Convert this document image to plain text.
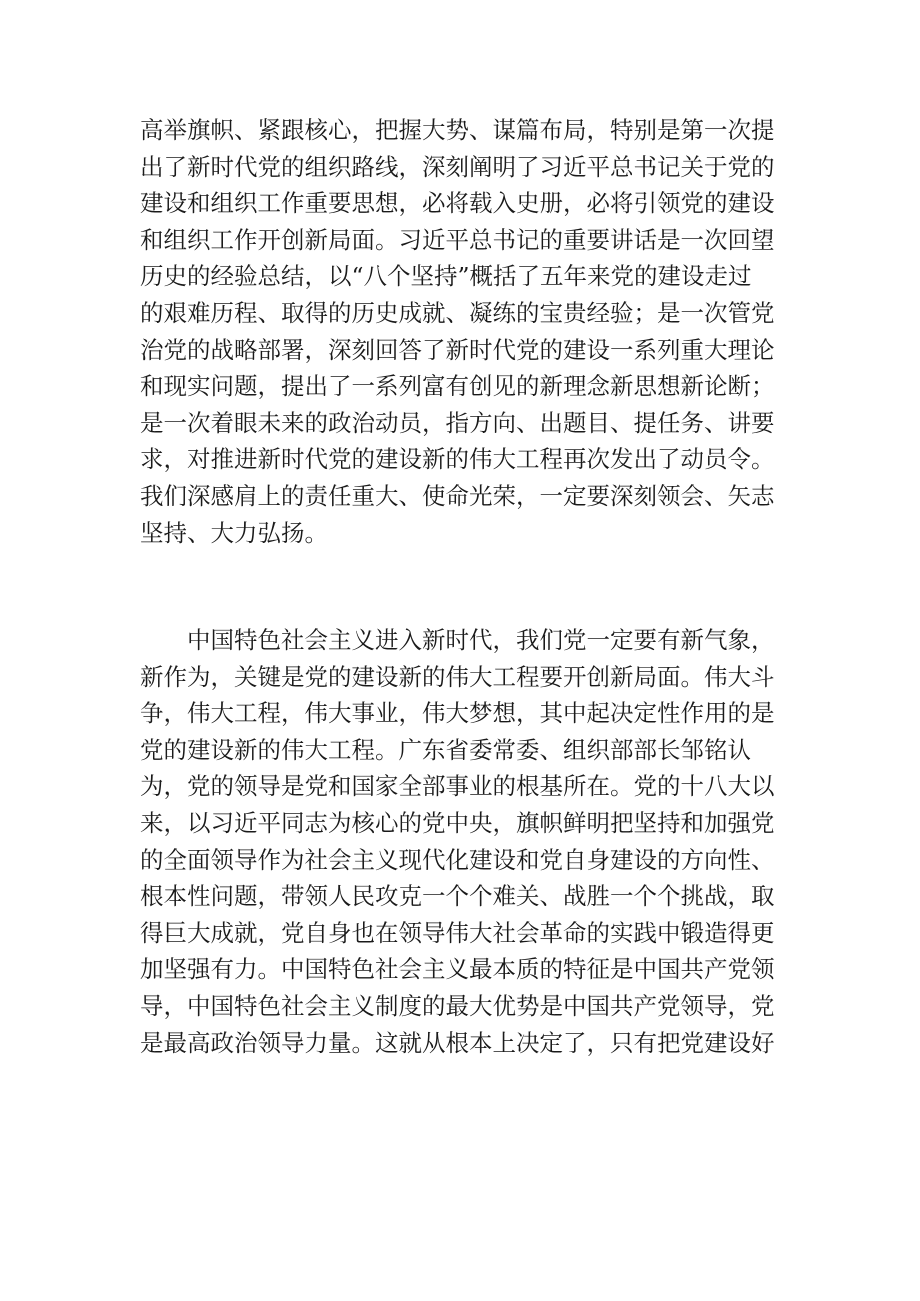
高举旗帜、紧跟核心，把握大势、谋篇布局，特别是第一次提
出了新时代党的组织路线，深刻阐明了习近平总书记关于党的
建设和组织工作重要思想，必将载入史册，必将引领党的建设
和组织工作开创新局面。习近平总书记的重要讲话是一次回望
历史的经验总结，以“八个坚持”概括了五年来党的建设走过
的艰难历程、取得的历史成就、凝练的宝贵经验；是一次管党
治党的战略部署，深刻回答了新时代党的建设一系列重大理论
和现实问题，提出了一系列富有创见的新理念新思想新论断；
是一次着眼未来的政治动员，指方向、出题目、提任务、讲要
求，对推进新时代党的建设新的伟大工程再次发出了动员令。
我们深感肩上的责任重大、使命光荣，一定要深刻领会、矢志
坚持、大力弘扬。
中国特色社会主义进入新时代，我们党一定要有新气象，
新作为，关键是党的建设新的伟大工程要开创新局面。伟大斗
争，伟大工程，伟大事业，伟大梦想，其中起决定性作用的是
党的建设新的伟大工程。广东省委常委、组织部部长邹铭认
为，党的领导是党和国家全部事业的根基所在。党的十八大以
来，以习近平同志为核心的党中央，旗帜鲜明把坚持和加强党
的全面领导作为社会主义现代化建设和党自身建设的方向性、
根本性问题，带领人民攻克一个个难关、战胜一个个挑战，取
得巨大成就，党自身也在领导伟大社会革命的实践中锻造得更
加坚强有力。中国特色社会主义最本质的特征是中国共产党领
导，中国特色社会主义制度的最大优势是中国共产党领导，党
是最高政治领导力量。这就从根本上决定了，只有把党建设好
